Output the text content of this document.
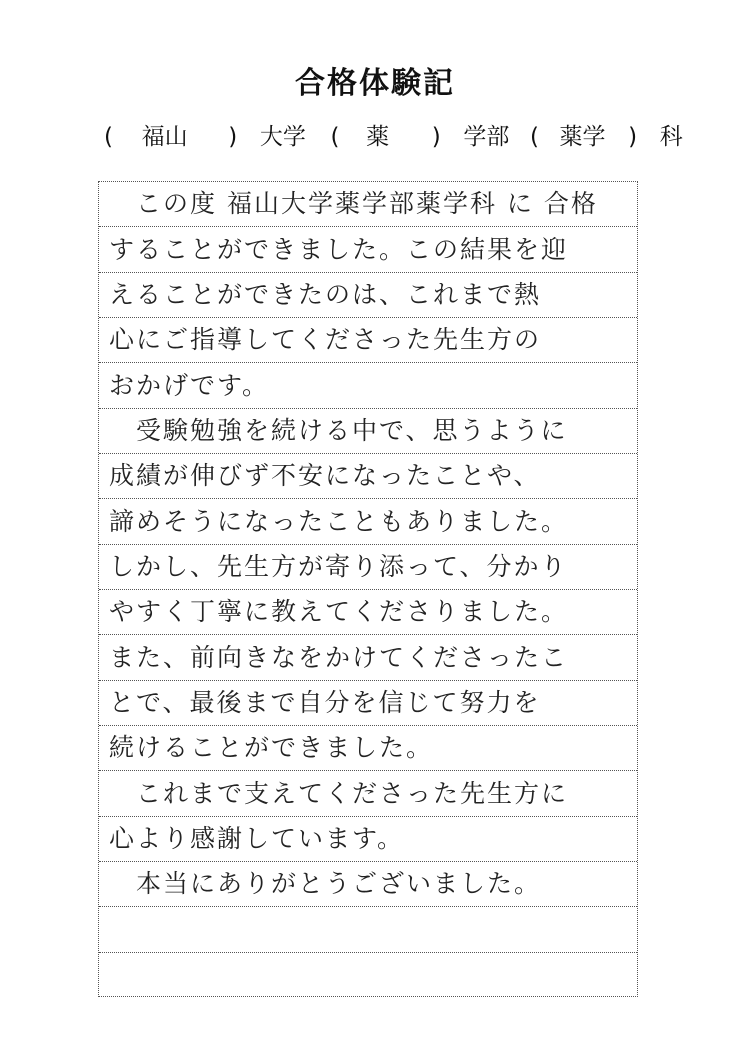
合格体験記
( 福山 ) 大学 ( 薬 ) 学部 ( 薬学 ) 科
　この度 福山大学薬学部薬学科 に 合格
することができました。この結果を迎
えることができたのは、これまで熱
心にご指導してくださった先生方の
おかげです。
　受験勉強を続ける中で、思うように
成績が伸びず不安になったことや、
諦めそうになったこともありました。
しかし、先生方が寄り添って、分かり
やすく丁寧に教えてくださりました。
また、前向きなをかけてくださったこ
とで、最後まで自分を信じて努力を
続けることができました。
　これまで支えてくださった先生方に
心より感謝しています。
　本当にありがとうございました。
